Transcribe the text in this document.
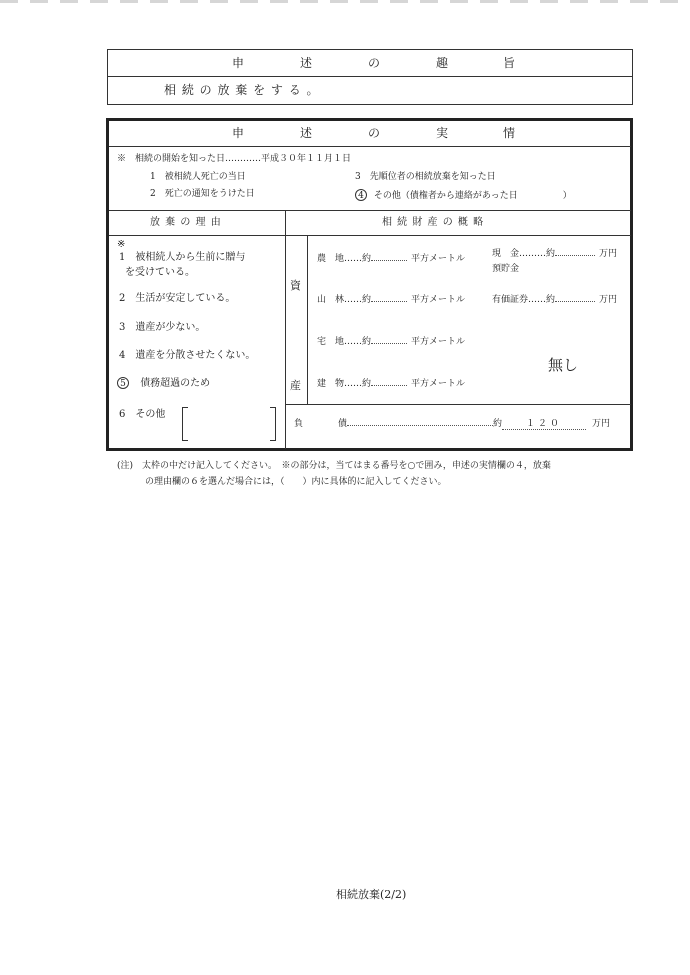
申	述	の	趣	旨
相 続 の 放 棄 を す る 。
申	述	の	実	情
※　相続の開始を知った日…………平成３０年１１月１日
1　被相続人死亡の当日
2　死亡の通知をうけた日
3　先順位者の相続放棄を知った日
4 その他（債権者から連絡があった日　　　　　）
放 棄 の 理 由	相 続 財 産 の 概 略
※
1　被相続人から生前に贈与
を受けている。
2　生活が安定している。
3　遺産が少ない。
4　遺産を分散させたくない。
5 債務超過のため
6　その他
資
産
農　地……約	平方メートル
山　林……約	平方メートル
宅　地……約	平方メートル
建　物……約	平方メートル
現　金………約	万円
預貯金
有価証券……約	万円
無し
負	債	約	１２０	万円
(注)　太枠の中だけ記入してください。　※の部分は，当てはまる番号を○で囲み，申述の実情欄の４，放棄
の理由欄の６を選んだ場合には，（　　）内に具体的に記入してください。
相続放棄(2/2)
